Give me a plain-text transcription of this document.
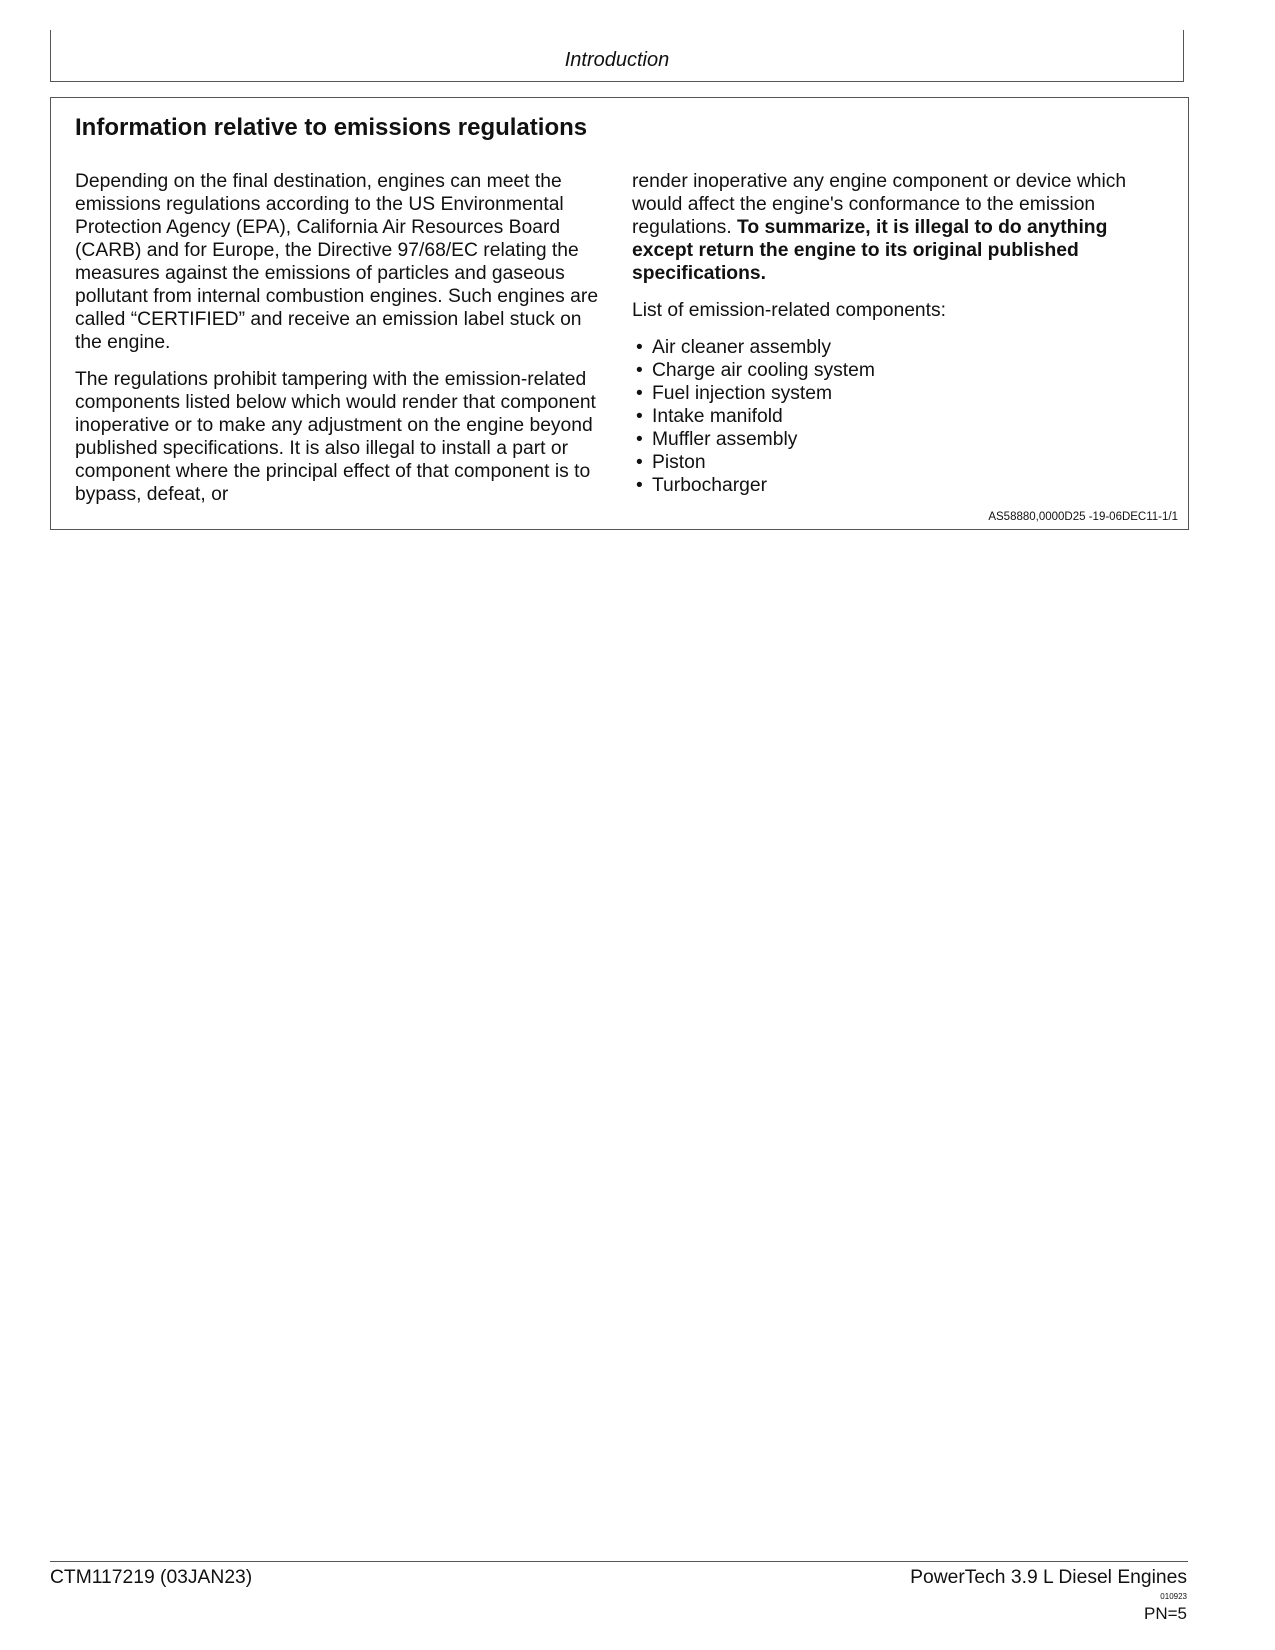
Introduction
Information relative to emissions regulations

Depending on the final destination, engines can meet the emissions regulations according to the US Environmental Protection Agency (EPA), California Air Resources Board (CARB) and for Europe, the Directive 97/68/EC relating the measures against the emissions of particles and gaseous pollutant from internal combustion engines. Such engines are called “CERTIFIED” and receive an emission label stuck on the engine.

The regulations prohibit tampering with the emission-related components listed below which would render that component inoperative or to make any adjustment on the engine beyond published specifications. It is also illegal to install a part or component where the principal effect of that component is to bypass, defeat, or

render inoperative any engine component or device which would affect the engine's conformance to the emission regulations. To summarize, it is illegal to do anything except return the engine to its original published specifications.

List of emission-related components:

• Air cleaner assembly
• Charge air cooling system
• Fuel injection system
• Intake manifold
• Muffler assembly
• Piston
• Turbocharger
AS58880,0000D25 -19-06DEC11-1/1
CTM117219 (03JAN23)	PowerTech 3.9 L Diesel Engines
010923
PN=5
